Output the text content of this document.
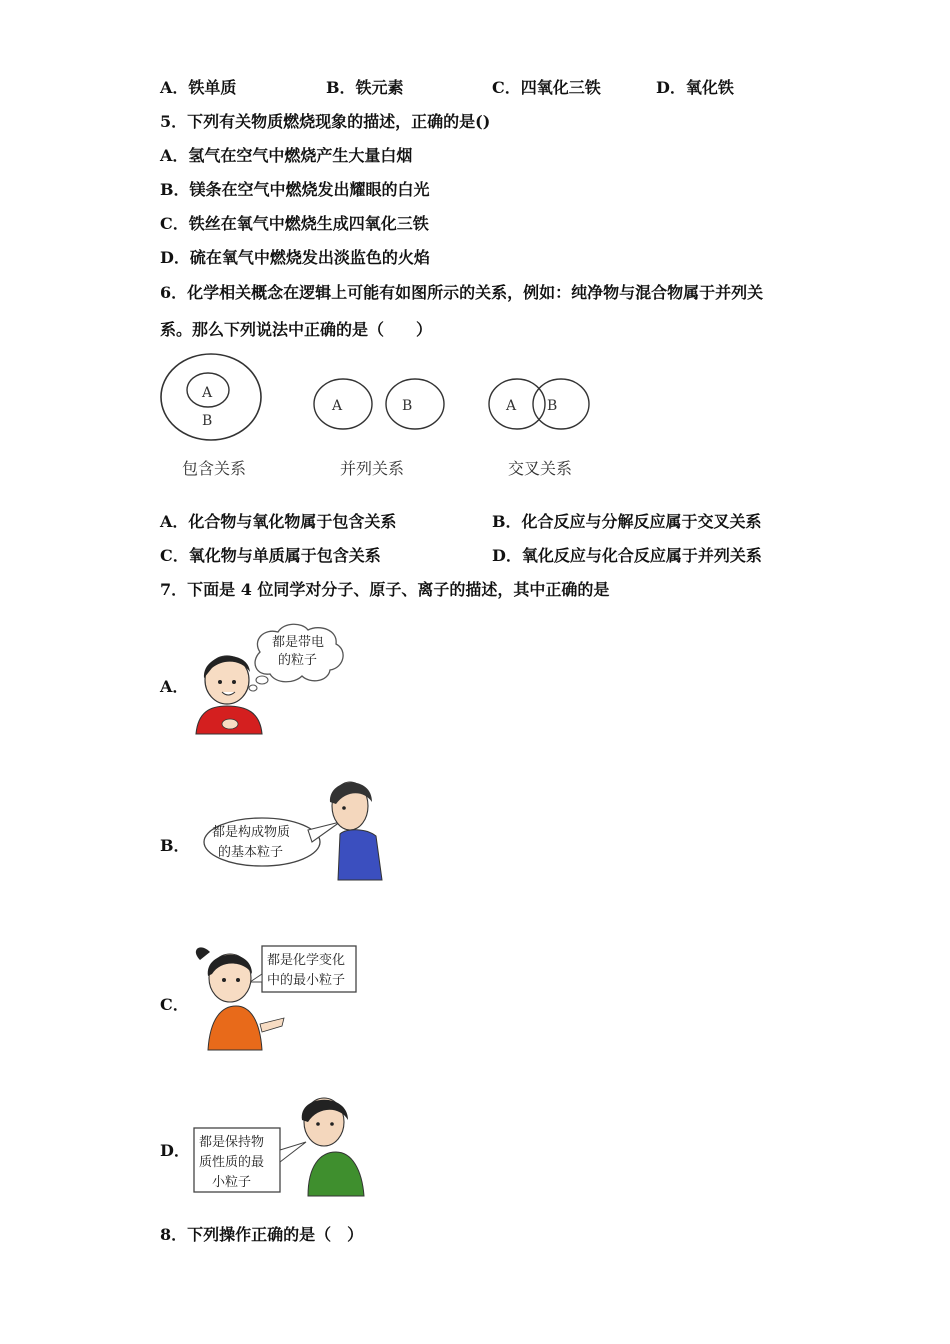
A．铁单质	B．铁元素	C．四氧化三铁	D．氧化铁
5．下列有关物质燃烧现象的描述，正确的是()
A．氢气在空气中燃烧产生大量白烟
B．镁条在空气中燃烧发出耀眼的白光
C．铁丝在氧气中燃烧生成四氧化三铁
D．硫在氧气中燃烧发出淡监色的火焰
6．化学相关概念在逻辑上可能有如图所示的关系，例如：纯净物与混合物属于并列关
系。那么下列说法中正确的是（　　）
A
B
包含关系
A	B
并列关系
A B
交叉关系
A．化合物与氧化物属于包含关系	B．化合反应与分解反应属于交叉关系
C．氧化物与单质属于包含关系	D．氧化反应与化合反应属于并列关系
7．下面是 4 位同学对分子、原子、离子的描述，其中正确的是
A．
都是带电
的粒子
B．
都是构成物质
的基本粒子
C．
都是化学变化
中的最小粒子
D． 都是保持物
质性质的最
小粒子
8．下列操作正确的是（　）
